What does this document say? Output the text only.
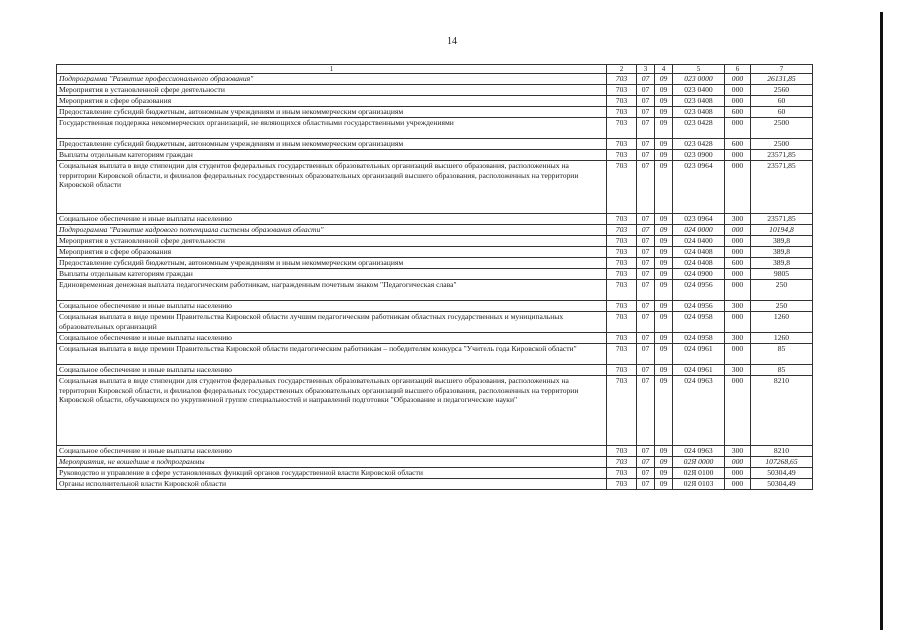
14
1	2	3	4	5	6	7
Подпрограмма "Развитие профессионального образования"	703	07	09	023 0000	000	26131,85
Мероприятия в установленной сфере деятельности	703	07	09	023 0400	000	2560
Мероприятия в сфере образования	703	07	09	023 0408	000	60
Предоставление субсидий бюджетным, автономным учреждениям и иным некоммерческим организациям	703	07	09	023 0408	600	60
Государственная поддержка некоммерческих организаций, не являющихся областными государственными учреждениями	703	07	09	023 0428	000	2500
Предоставление субсидий бюджетным, автономным учреждениям и иным некоммерческим организациям	703	07	09	023 0428	600	2500
Выплаты отдельным категориям граждан	703	07	09	023 0900	000	23571,85
Социальная выплата в виде стипендии для студентов федеральных государственных образовательных организаций высшего образования, расположенных на территории Кировской области, и филиалов федеральных государственных образовательных организаций высшего образования, расположенных на территории Кировской области	703	07	09	023 0964	000	23571,85
Социальное обеспечение и иные выплаты населению	703	07	09	023 0964	300	23571,85
Подпрограмма "Развитие кадрового потенциала системы образования области"	703	07	09	024 0000	000	10194,8
Мероприятия в установленной сфере деятельности	703	07	09	024 0400	000	389,8
Мероприятия в сфере образования	703	07	09	024 0408	000	389,8
Предоставление субсидий бюджетным, автономным учреждениям и иным некоммерческим организациям	703	07	09	024 0408	600	389,8
Выплаты отдельным категориям граждан	703	07	09	024 0900	000	9805
Единовременная денежная выплата педагогическим работникам, награжденным почетным знаком "Педагогическая слава"	703	07	09	024 0956	000	250
Социальное обеспечение и иные выплаты населению	703	07	09	024 0956	300	250
Социальная выплата в виде премии Правительства Кировской области лучшим педагогическим работникам областных государственных и муниципальных образовательных организаций	703	07	09	024 0958	000	1260
Социальное обеспечение и иные выплаты населению	703	07	09	024 0958	300	1260
Социальная выплата в виде премии Правительства Кировской области педагогическим работникам – победителям конкурса "Учитель года Кировской области"	703	07	09	024 0961	000	85
Социальное обеспечение и иные выплаты населению	703	07	09	024 0961	300	85
Социальная выплата в виде стипендии для студентов федеральных государственных образовательных организаций высшего образования, расположенных на территории Кировской области, и филиалов федеральных государственных образовательных организаций высшего образования, расположенных на территории Кировской области, обучающихся по укрупненной группе специальностей и направлений подготовки "Образование и педагогические науки"	703	07	09	024 0963	000	8210
Социальное обеспечение и иные выплаты населению	703	07	09	024 0963	300	8210
Мероприятия, не вошедшие в подпрограммы	703	07	09	02Я 0000	000	107268,65
Руководство и управление в сфере установленных функций органов государственной власти Кировской области	703	07	09	02Я 0100	000	50304,49
Органы исполнительной власти Кировской области	703	07	09	02Я 0103	000	50304,49
